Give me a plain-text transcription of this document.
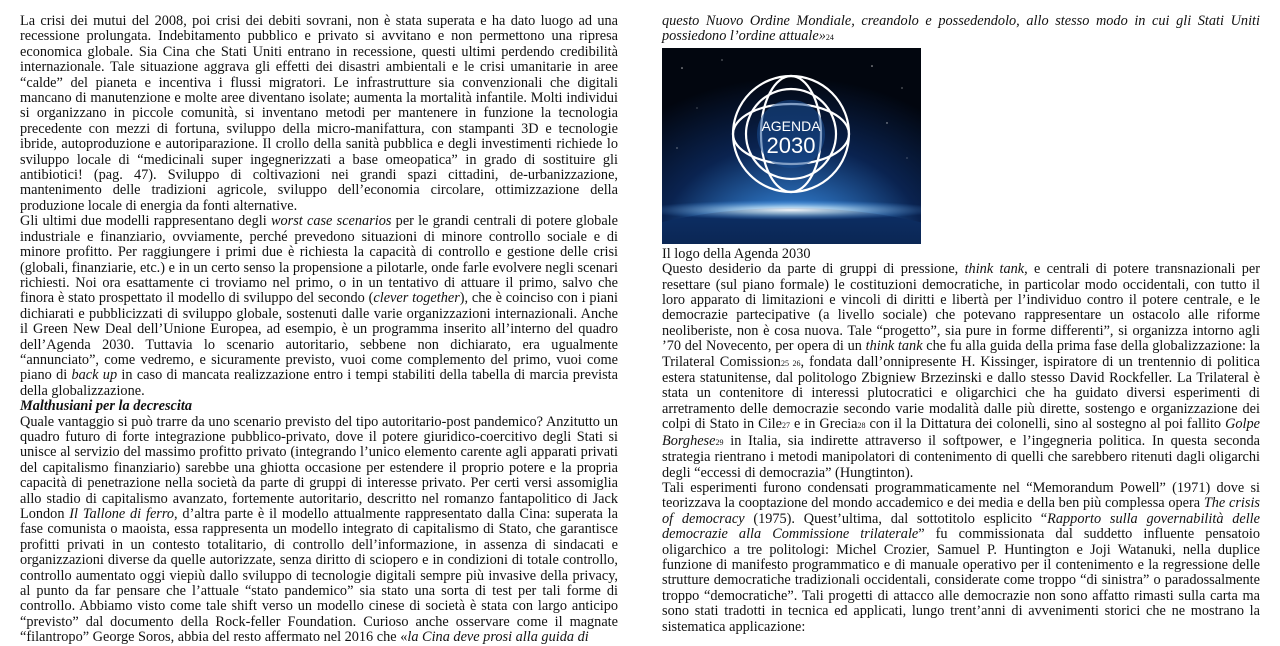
La crisi dei mutui del 2008, poi crisi dei debiti sovrani, non è stata superata e ha dato luogo ad una recessione prolungata. Indebitamento pubblico e privato si avvitano e non permettono una ripresa economica globale. Sia Cina che Stati Uniti entrano in recessione, questi ultimi perdendo credibilità internazionale. Tale situazione aggrava gli effetti dei disastri ambientali e le crisi umanitarie in aree “calde” del pianeta e incentiva i flussi migratori. Le infrastrutture sia convenzionali che digitali mancano di manutenzione e molte aree diventano isolate; aumenta la mortalità infantile. Molti individui si organizzano in piccole comunità, si inventano metodi per mantenere in funzione la tecnologia precedente con mezzi di fortuna, sviluppo della micro-manifattura, con stampanti 3D e tecnologie ibride, autoproduzione e autoriparazione. Il crollo della sanità pubblica e degli investimenti richiede lo sviluppo locale di “medicinali super ingegnerizzati a base omeopatica” in grado di sostituire gli antibiotici! (pag. 47). Sviluppo di coltivazioni nei grandi spazi cittadini, de-urbanizzazione, mantenimento delle tradizioni agricole, sviluppo dell’economia circolare, ottimizzazione della produzione locale di energia da fonti alternative.

Gli ultimi due modelli rappresentano degli worst case scenarios per le grandi centrali di potere globale industriale e finanziario, ovviamente, perché prevedono situazioni di minore controllo sociale e di minore profitto. Per raggiungere i primi due è richiesta la capacità di controllo e gestione delle crisi (globali, finanziarie, etc.) e in un certo senso la propensione a pilotarle, onde farle evolvere negli scenari richiesti. Noi ora esattamente ci troviamo nel primo, o in un tentativo di attuare il primo, salvo che finora è stato prospettato il modello di sviluppo del secondo (clever together), che è coinciso con i piani dichiarati e pubblicizzati di sviluppo globale, sostenuti dalle varie organizzazioni internazionali. Anche il Green New Deal dell’Unione Europea, ad esempio, è un programma inserito all’interno del quadro dell’Agenda 2030. Tuttavia lo scenario autoritario, sebbene non dichiarato, era ugualmente “annunciato”, come vedremo, e sicuramente previsto, vuoi come complemento del primo, vuoi come piano di back up in caso di mancata realizzazione entro i tempi stabiliti della tabella di marcia prevista della globalizzazione.

Malthusiani per la decrescita

Quale vantaggio si può trarre da uno scenario previsto del tipo autoritario-post pandemico? Anzitutto un quadro futuro di forte integrazione pubblico-privato, dove il potere giuridico-coercitivo degli Stati si unisce al servizio del massimo profitto privato (integrando l’unico elemento carente agli apparati privati del capitalismo finanziario) sarebbe una ghiotta occasione per estendere il proprio potere e la propria capacità di penetrazione nella società da parte di gruppi di interesse privato. Per certi versi assomiglia allo stadio di capitalismo avanzato, fortemente autoritario, descritto nel romanzo fantapolitico di Jack London Il Tallone di ferro, d’altra parte è il modello attualmente rappresentato dalla Cina: superata la fase comunista o maoista, essa rappresenta un modello integrato di capitalismo di Stato, che garantisce profitti privati in un contesto totalitario, di controllo dell’informazione, in assenza di sindacati e organizzazioni diverse da quelle autorizzate, senza diritto di sciopero e in condizioni di totale controllo, controllo aumentato oggi viepiù dallo sviluppo di tecnologie digitali sempre più invasive della privacy, al punto da far pensare che l’attuale “stato pandemico” sia stato una sorta di test per tali forme di controllo. Abbiamo visto come tale shift verso un modello cinese di società è stata con largo anticipo “previsto” dal documento della Rock-feller Foundation. Curioso anche osservare come il magnate “filantropo” George Soros, abbia del resto affermato nel 2016 che «la Cina deve prosi alla guida di

questo Nuovo Ordine Mondiale, creandolo e possedendolo, allo stesso modo in cui gli Stati Uniti possiedono l’ordine attuale»24

AGENDA
2030

Il logo della Agenda 2030

Questo desiderio da parte di gruppi di pressione, think tank, e centrali di potere transnazionali per resettare (sul piano formale) le costituzioni democratiche, in particolar modo occidentali, con tutto il loro apparato di limitazioni e vincoli di diritti e libertà per l’individuo contro il potere centrale, e le democrazie partecipative (a livello sociale) che potevano rappresentare un ostacolo alle riforme neoliberiste, non è cosa nuova. Tale “progetto”, sia pure in forme differenti”, si organizza intorno agli ’70 del Novecento, per opera di un think tank che fu alla guida della prima fase della globalizzazione: la Trilateral Comission25 26, fondata dall’onnipresente H. Kissinger, ispiratore di un trentennio di politica estera statunitense, dal politologo Zbigniew Brzezinski e dallo stesso David Rockfeller. La Trilateral è stata un contenitore di interessi plutocratici e oligarchici che ha guidato diversi esperimenti di arretramento delle democrazie secondo varie modalità dalle più dirette, sostengo e organizzazione dei colpi di Stato in Cile27 e in Grecia28 con il la Dittatura dei colonelli, sino al sostegno al poi fallito Golpe Borghese29 in Italia, sia indirette attraverso il softpower, e l’ingegneria politica. In questa seconda strategia rientrano i metodi manipolatori di contenimento di quelli che sarebbero ritenuti dagli oligarchi degli “eccessi di democrazia” (Hungtinton).

Tali esperimenti furono condensati programmaticamente nel “Memorandum Powell” (1971) dove si teorizzava la cooptazione del mondo accademico e dei media e della ben più complessa opera The crisis of democracy (1975). Quest’ultima, dal sottotitolo esplicito “Rapporto sulla governabilità delle democrazie alla Commissione trilaterale” fu commissionata dal suddetto influente pensatoio oligarchico a tre politologi: Michel Crozier, Samuel P. Huntington e Joji Watanuki, nella duplice funzione di manifesto programmatico e di manuale operativo per il contenimento e la regressione delle strutture democratiche tradizionali occidentali, considerate come troppo “di sinistra” o paradossalmente troppo “democratiche”. Tali progetti di attacco alle democrazie non sono affatto rimasti sulla carta ma sono stati tradotti in tecnica ed applicati, lungo trent’anni di avvenimenti storici che ne mostrano la sistematica applicazione:
